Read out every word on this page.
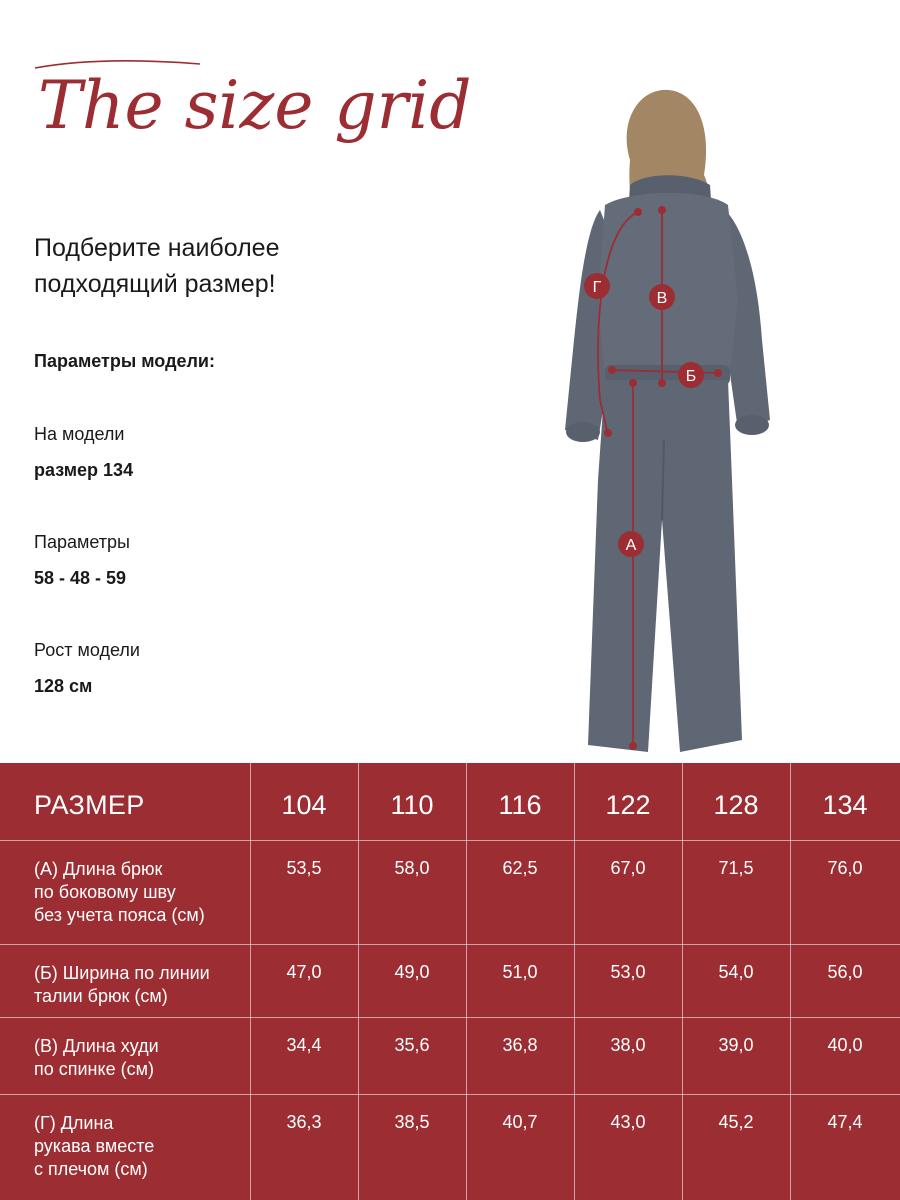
The size grid
Подберите наиболее
подходящий размер!
Параметры модели:
На модели
размер 134
Параметры
58 - 48 - 59
Рост модели
128 см
Г
В
Б
А
РАЗМЕР	104	110	116	122	128	134
(А) Длина брюк
по боковому шву
без учета пояса (см)
53,5	58,0	62,5	67,0	71,5	76,0
(Б) Ширина по линии
талии брюк (см)
47,0	49,0	51,0	53,0	54,0	56,0
(В) Длина худи
по спинке (см)
34,4	35,6	36,8	38,0	39,0	40,0
(Г) Длина
рукава вместе
с плечом (см)
36,3	38,5	40,7	43,0	45,2	47,4
